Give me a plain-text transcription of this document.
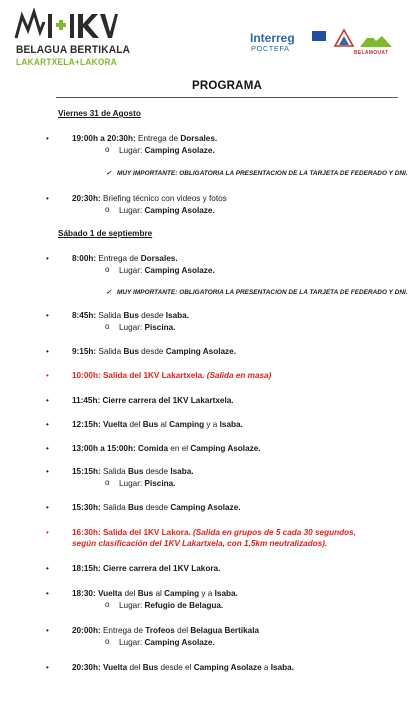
BELAGUA BERTIKALA
LAKARTXELA+LAKORA
Interreg
POCTEFA	BELAMOUAT
PROGRAMA
Viernes 31 de Agosto
• 19:00h a 20:30h: Entrega de Dorsales.
o Lugar: Camping Asolaze.
✓ MUY IMPORTANTE: OBLIGATORIA LA PRESENTACION DE LA TARJETA DE FEDERADO Y DNI.
• 20:30h: Briefing técnico con videos y fotos
o Lugar: Camping Asolaze.
Sábado 1 de septiembre
• 8:00h: Entrega de Dorsales.
o Lugar: Camping Asolaze.
✓ MUY IMPORTANTE: OBLIGATORIA LA PRESENTACION DE LA TARJETA DE FEDERADO Y DNI.
• 8:45h: Salida Bus desde Isaba.
o Lugar: Piscina.
• 9:15h: Salida Bus desde Camping Asolaze.
• 10:00h: Salida del 1KV Lakartxela. (Salida en masa)
• 11:45h: Cierre carrera del 1KV Lakartxela.
• 12:15h: Vuelta del Bus al Camping y a Isaba.
• 13:00h a 15:00h: Comida en el Camping Asolaze.
• 15:15h: Salida Bus desde Isaba.
o Lugar: Piscina.
• 15:30h: Salida Bus desde Camping Asolaze.
• 16:30h: Salida del 1KV Lakora. (Salida en grupos de 5 cada 30 segundos,
según clasificación del 1KV Lakartxela, con 1,5km neutralizados).
• 18:15h: Cierre carrera del 1KV Lakora.
• 18:30: Vuelta del Bus al Camping y a Isaba.
o Lugar: Refugio de Belagua.
• 20:00h: Entrega de Trofeos del Belagua Bertikala
o Lugar: Camping Asolaze.
• 20:30h: Vuelta del Bus desde el Camping Asolaze a Isaba.
